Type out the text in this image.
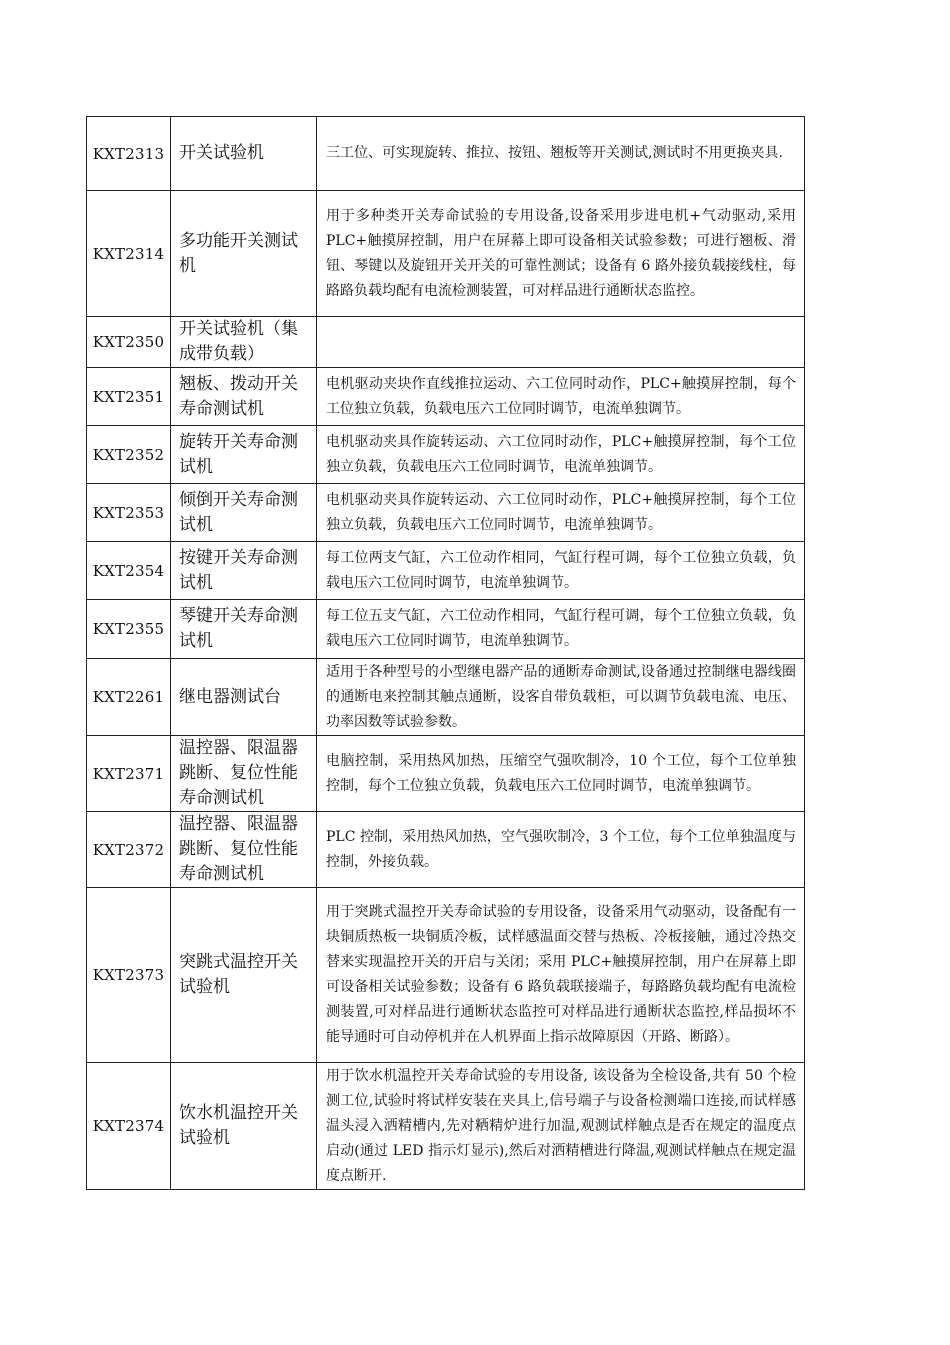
KXT2313	开关试验机	三工位、可实现旋转、推拉、按钮、翘板等开关测试,测试时不用更换夹具.
KXT2314	多功能开关测试机	用于多种类开关寿命试验的专用设备,设备采用步进电机+气动驱动,采用 PLC+触摸屏控制，用户在屏幕上即可设备相关试验参数；可进行翘板、滑钮、琴键以及旋钮开关开关的可靠性测试；设备有 6 路外接负载接线柱，每路路负载均配有电流检测装置，可对样品进行通断状态监控。
KXT2350	开关试验机（集成带负载）	
KXT2351	翘板、拨动开关寿命测试机	电机驱动夹块作直线推拉运动、六工位同时动作，PLC+触摸屏控制，每个工位独立负载，负载电压六工位同时调节，电流单独调节。
KXT2352	旋转开关寿命测试机	电机驱动夹具作旋转运动、六工位同时动作，PLC+触摸屏控制，每个工位独立负载，负载电压六工位同时调节，电流单独调节。
KXT2353	倾倒开关寿命测试机	电机驱动夹具作旋转运动、六工位同时动作，PLC+触摸屏控制，每个工位独立负载，负载电压六工位同时调节，电流单独调节。
KXT2354	按键开关寿命测试机	每工位两支气缸，六工位动作相同，气缸行程可调，每个工位独立负载，负载电压六工位同时调节，电流单独调节。
KXT2355	琴键开关寿命测试机	每工位五支气缸，六工位动作相同，气缸行程可调，每个工位独立负载，负载电压六工位同时调节，电流单独调节。
KXT2261	继电器测试台	适用于各种型号的小型继电器产品的通断寿命测试,设备通过控制继电器线圈的通断电来控制其触点通断，设客自带负载柜，可以调节负载电流、电压、功率因数等试验参数。
KXT2371	温控器、限温器跳断、复位性能寿命测试机	电脑控制，采用热风加热，压缩空气强吹制冷，10 个工位，每个工位单独控制，每个工位独立负载，负载电压六工位同时调节，电流单独调节。
KXT2372	温控器、限温器跳断、复位性能寿命测试机	PLC 控制，采用热风加热，空气强吹制冷，3 个工位，每个工位单独温度与控制，外接负载。
KXT2373	突跳式温控开关试验机	用于突跳式温控开关寿命试验的专用设备，设备采用气动驱动，设备配有一块铜质热板一块铜质冷板，试样感温面交替与热板、冷板接触，通过冷热交替来实现温控开关的开启与关闭；采用 PLC+触摸屏控制，用户在屏幕上即可设备相关试验参数；设备有 6 路负载联接端子，每路路负载均配有电流检测装置,可对样品进行通断状态监控可对样品进行通断状态监控,样品损坏不能导通时可自动停机并在人机界面上指示故障原因（开路、断路）。
KXT2374	饮水机温控开关试验机	用于饮水机温控开关寿命试验的专用设备, 该设备为全检设备,共有 50 个检测工位,试验时将试样安装在夹具上,信号端子与设备检测端口连接,而试样感温头浸入洒精槽内,先对粞精炉进行加温,观测试样触点是否在规定的温度点启动(通过 LED 指示灯显示),然后对洒精槽进行降温,观测试样触点在规定温度点断开.
